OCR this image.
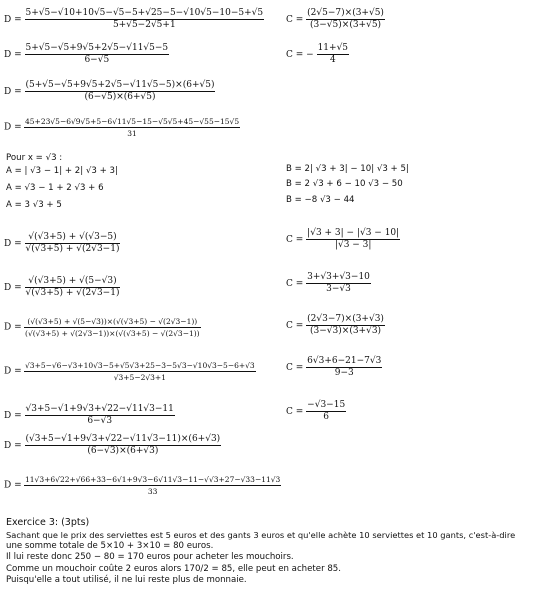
$D = \frac{5+√5-√10+10√5-√5-5+√25-5-√10√5-10-5+√5}{5+√5-2√5+1}$
$D = \frac{5+√5-√5+9√5+2√5-√11√5-5}{6-√5}$
$D = \frac{(5+√5-√5+9√5+2√5-√11√5-5)\times(6+√5)}{(6-√5)\times(6+√5)}$
$D = \frac{45+23√5-6√9√5+5-6√11√5-15-√5√5+45-√55-15√5}{31}$
$C = \frac{(2√5-7)\times(3+√5)}{(3-√5)\times(3+√5)}$
C = − $\frac{11+√5}{4}$
Pour x = √3 :
A = | √3 − 1| + 2| √3 + 3|
A = √3 − 1 + 2 √3 + 6
A = 3 √3 + 5
B = 2| √3 + 3| − 10| √3 + 5|
B = 2 √3 + 6 − 10 √3 − 50
B = −8 √3 − 44
$D = \frac{√(√3+5) + √(√3-5)}{√(√3+5) + √(2√3-1)}$
$D = \frac{√(√3+5) + √(5-√3)}{√(√3+5) + √(2√3-1)}$
$D = \frac{(√(√3+5) + √(5-√3))\times(√(√3+5) - √(2√3-1))}{(√(√3+5) + √(2√3-1))\times(√(√3+5) - √(2√3-1))}$
$D = \frac{√3+5-√6-√3+10√3-5+√5√3+25-3-5√3-√10√3-5-6+√3}{√3+5-2√3+1}$
$C = \frac{|√3 + 3| - |√3 - 10|}{|√3 - 3|}$
$C = \frac{3+√3+√3-10}{3-√3}$
$C = \frac{(2√3-7)\times(3+√3)}{(3-√3)\times(3+√3)}$
$C = \frac{6√3+6-21-7√3}{9-3}$
$D = \frac{√3+5-√1+9√3+√22-√11√3-11}{6-√3}$
$D = \frac{(√3+5-√1+9√3+√22-√11√3-11)\times(6+√3)}{(6-√3)\times(6+√3)}$
$D = \frac{11√3+6√22+√66+33-6√1+9√3-6√11√3-11-√√3+27-√33-11√3}{33}$
$C = \frac{-√3-15}{6}$
Exercice 3: (3pts)
Sachant que le prix des serviettes est 5 euros et des gants 3 euros et qu'elle achète 10 serviettes et 10 gants, c'est-à-dire
une somme totale de 5×10 + 3×10 = 80 euros.
Il lui reste donc 250 − 80 = 170 euros pour acheter les mouchoirs.
Comme un mouchoir coûte 2 euros alors 170/2 = 85, elle peut en acheter 85.
Puisqu'elle a tout utilisé, il ne lui reste plus de monnaie.
